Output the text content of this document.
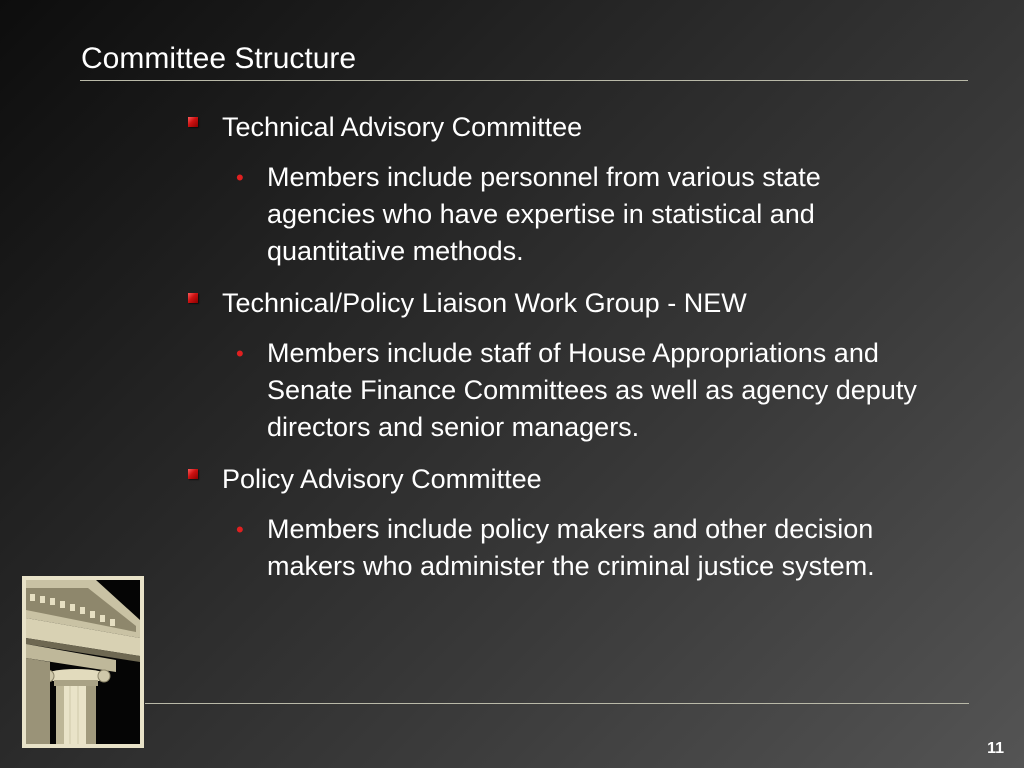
Committee Structure
Technical Advisory Committee
• Members include personnel from various state agencies who have expertise in statistical and quantitative methods.
Technical/Policy Liaison Work Group - NEW
• Members include staff of House Appropriations and Senate Finance Committees as well as agency deputy directors and senior managers.
Policy Advisory Committee
• Members include policy makers and other decision makers who administer the criminal justice system.
11
